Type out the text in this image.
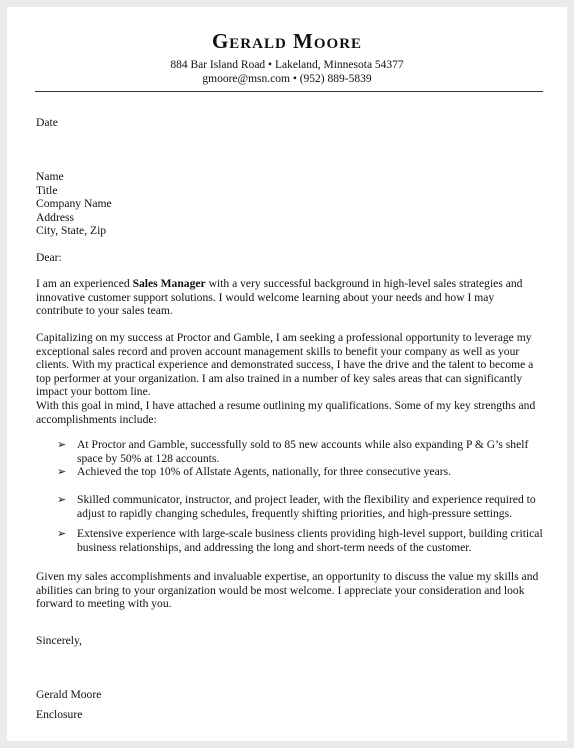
Gerald Moore
884 Bar Island Road • Lakeland, Minnesota 54377
gmoore@msn.com • (952) 889-5839
Date
Name
Title
Company Name
Address
City, State, Zip
Dear:
I am an experienced Sales Manager with a very successful background in high-level sales strategies and innovative customer support solutions. I would welcome learning about your needs and how I may contribute to your sales team.
Capitalizing on my success at Proctor and Gamble, I am seeking a professional opportunity to leverage my exceptional sales record and proven account management skills to benefit your company as well as your clients. With my practical experience and demonstrated success, I have the drive and the talent to become a top performer at your organization. I am also trained in a number of key sales areas that can significantly impact your bottom line.
With this goal in mind, I have attached a resume outlining my qualifications. Some of my key strengths and accomplishments include:
➢ At Proctor and Gamble, successfully sold to 85 new accounts while also expanding P & G’s shelf space by 50% at 128 accounts.
➢ Achieved the top 10% of Allstate Agents, nationally, for three consecutive years.
➢ Skilled communicator, instructor, and project leader, with the flexibility and experience required to adjust to rapidly changing schedules, frequently shifting priorities, and high-pressure settings.
➢ Extensive experience with large-scale business clients providing high-level support, building critical business relationships, and addressing the long and short-term needs of the customer.
Given my sales accomplishments and invaluable expertise, an opportunity to discuss the value my skills and abilities can bring to your organization would be most welcome. I appreciate your consideration and look forward to meeting with you.
Sincerely,
Gerald Moore
Enclosure
